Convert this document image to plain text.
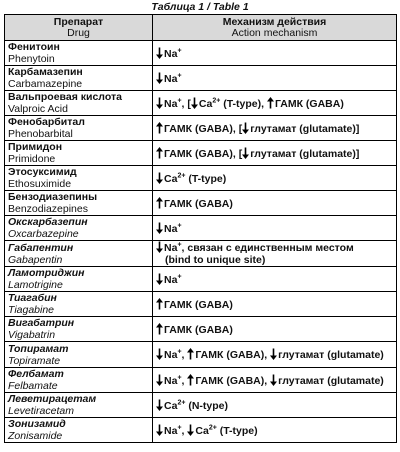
Таблица 1 / Table 1
Препарат
Drug	Механизм действия
Action mechanism

Фенитоин
Phenytoin	Na+

Карбамазепин
Carbamazepine	Na+

Вальпроевая кислота
Valproic Acid	Na+, [ $Ca^{2+}$ (T-type),
ГАМК (GABA)

Фенобарбитал
Phenobarbital	ГАМК (GABA), [ глутамат (glutamate)]

Примидон
Primidone	ГАМК (GABA), [ глутамат (glutamate)]

Этосуксимид
Ethosuximide	$Ca^{2+}$ (T-type)

Бензодиазепины
Benzodiazepines	ГАМК (GABA)

Окскарбазепин
Oxcarbazepine	Na+

Габапентин
Gabapentin	Na+, связан с единственным местом
(bind to unique site)

Ламотриджин
Lamotrigine	Na+

Тиагабин
Tiagabine	ГАМК (GABA)

Вигабатрин
Vigabatrin	ГАМК (GABA)

Топирамат
Topiramate	Na+,
ГАМК (GABA),
глутамат (glutamate)

Фелбамат
Felbamate	Na+,
ГАМК (GABA),
глутамат (glutamate)

Леветирацетам
Levetiracetam	$Ca^{2+}$ (N-type)

Зонизамид
Zonisamide	Na+,
$Ca^{2+}$ (T-type)
